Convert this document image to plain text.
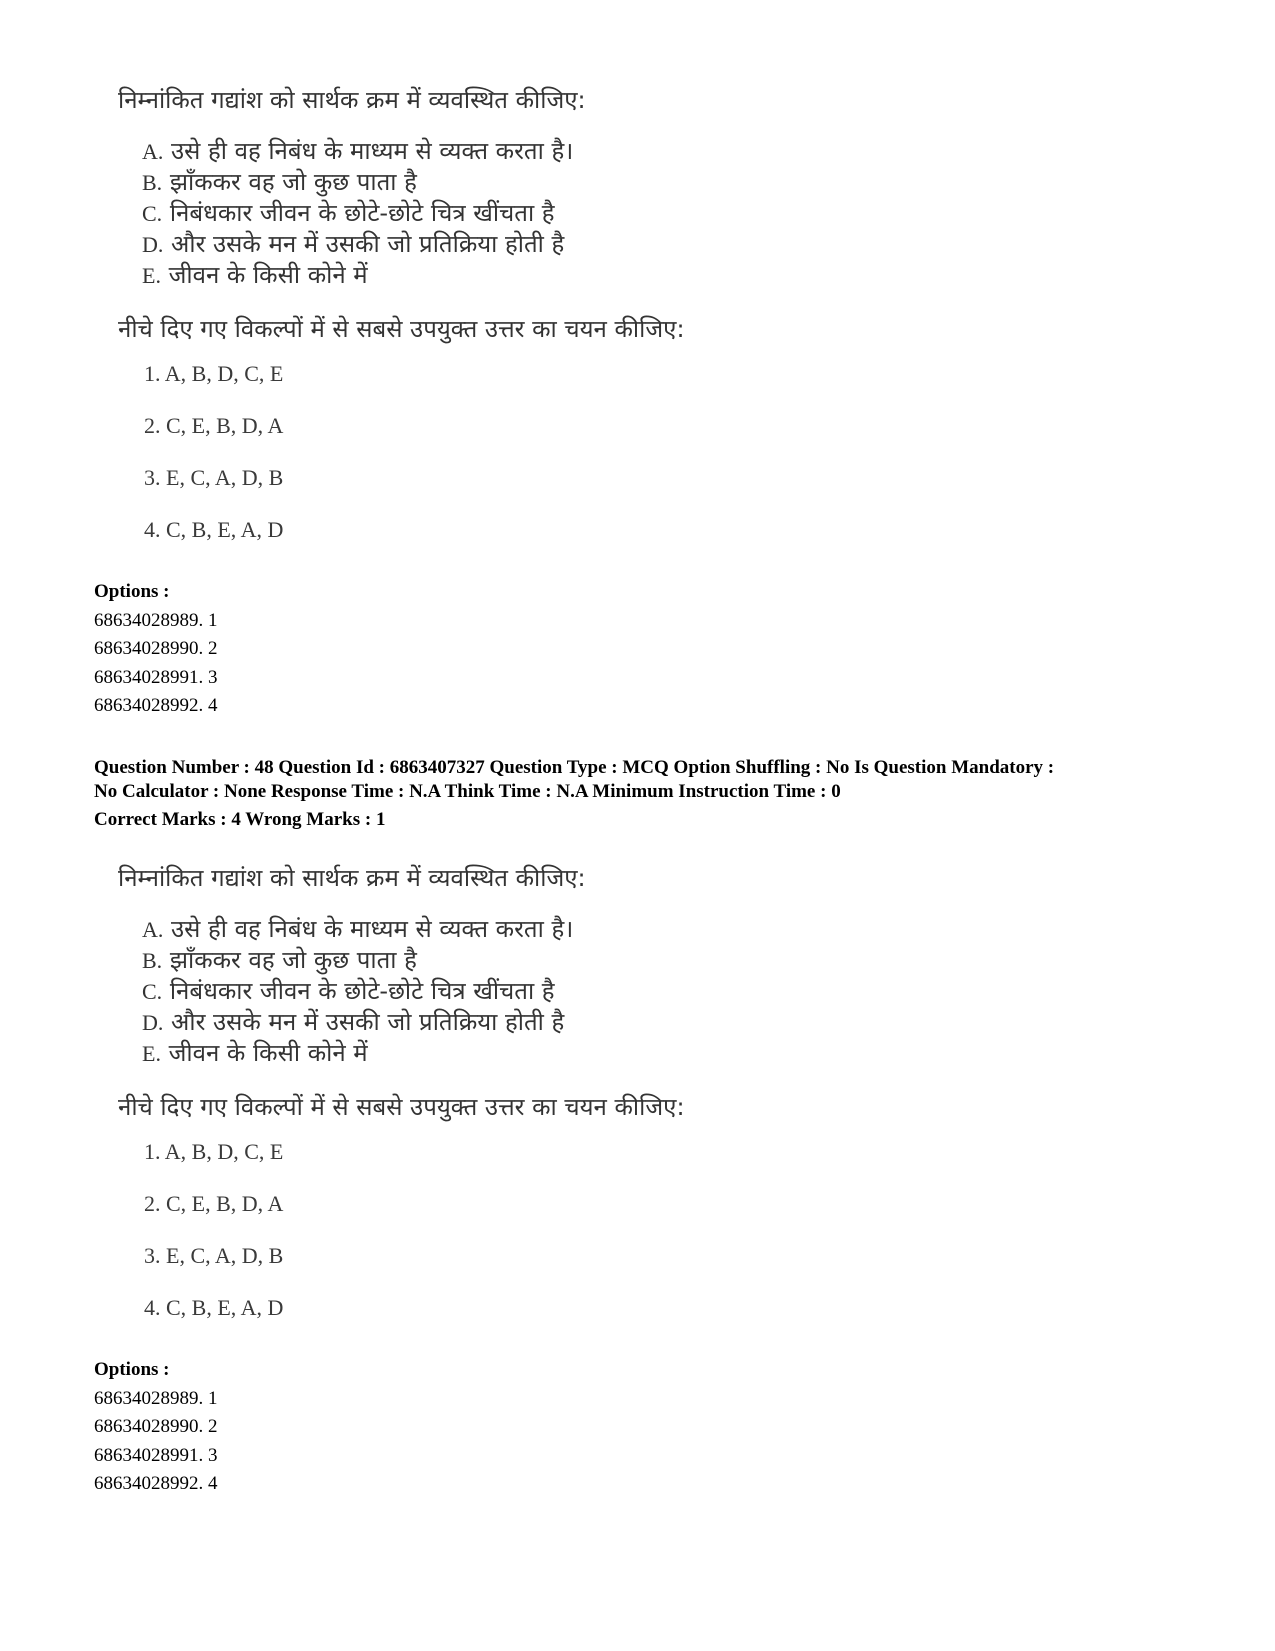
निम्नांकित गद्यांश को सार्थक क्रम में व्यवस्थित कीजिए:

A. उसे ही वह निबंध के माध्यम से व्यक्त करता है।
B. झाँककर वह जो कुछ पाता है
C. निबंधकार जीवन के छोटे-छोटे चित्र खींचता है
D. और उसके मन में उसकी जो प्रतिक्रिया होती है
E. जीवन के किसी कोने में

नीचे दिए गए विकल्पों में से सबसे उपयुक्त उत्तर का चयन कीजिए:

1. A, B, D, C, E
2. C, E, B, D, A
3. E, C, A, D, B
4. C, B, E, A, D
Options :
68634028989. 1
68634028990. 2
68634028991. 3
68634028992. 4
Question Number : 48 Question Id : 6863407327 Question Type : MCQ Option Shuffling : No Is Question Mandatory :
No Calculator : None Response Time : N.A Think Time : N.A Minimum Instruction Time : 0
Correct Marks : 4 Wrong Marks : 1

निम्नांकित गद्यांश को सार्थक क्रम में व्यवस्थित कीजिए:

A. उसे ही वह निबंध के माध्यम से व्यक्त करता है।
B. झाँककर वह जो कुछ पाता है
C. निबंधकार जीवन के छोटे-छोटे चित्र खींचता है
D. और उसके मन में उसकी जो प्रतिक्रिया होती है
E. जीवन के किसी कोने में

नीचे दिए गए विकल्पों में से सबसे उपयुक्त उत्तर का चयन कीजिए:

1. A, B, D, C, E
2. C, E, B, D, A
3. E, C, A, D, B
4. C, B, E, A, D
Options :
68634028989. 1
68634028990. 2
68634028991. 3
68634028992. 4
